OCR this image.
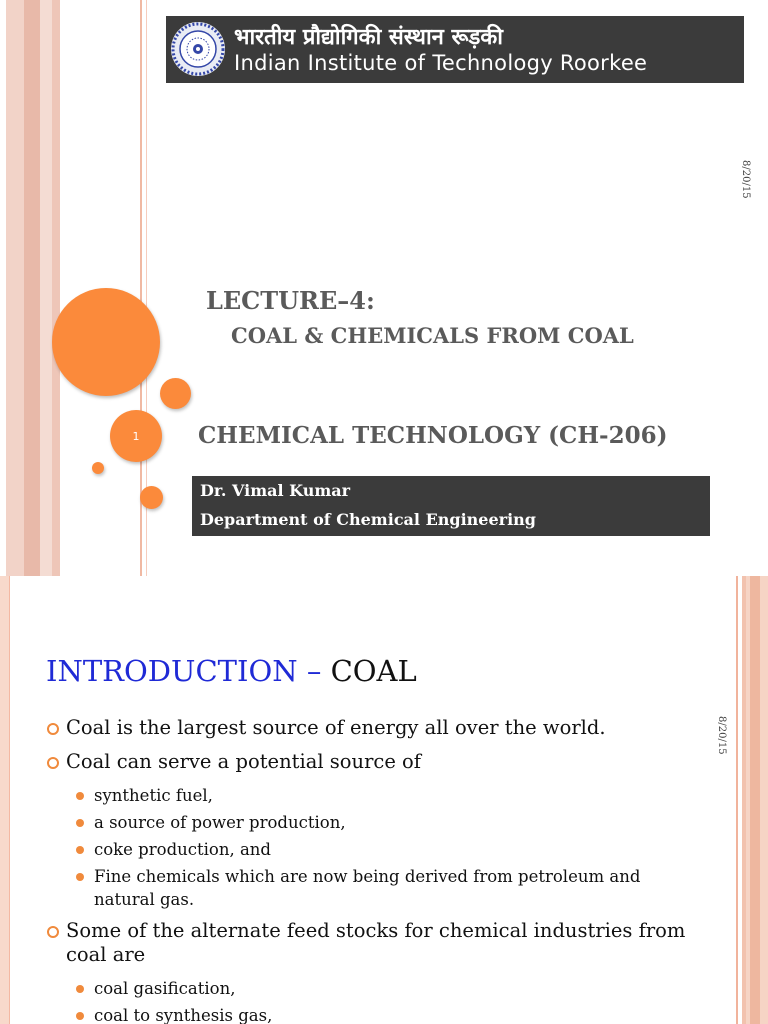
भारतीय प्रौद्योगिकी संस्थान रूड़की
Indian Institute of Technology Roorkee
8/20/15
1
LECTURE–4:
COAL & CHEMICALS FROM COAL
CHEMICAL TECHNOLOGY (CH-206)
Dr. Vimal Kumar
Department of Chemical Engineering
8/20/15
INTRODUCTION – COAL
Coal is the largest source of energy all over the world.
Coal can serve a potential source of
synthetic fuel,
a source of power production,
coke production, and
Fine chemicals which are now being derived from petroleum and natural gas.
Some of the alternate feed stocks for chemical industries from coal are
coal gasification,
coal to synthesis gas,
